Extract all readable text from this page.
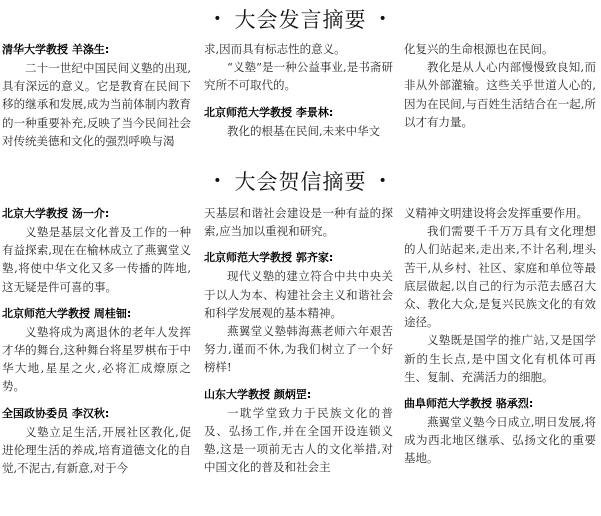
• 大会发言摘要 •
清华大学教授 羊涤生:

二十一世纪中国民间义塾的出现,具有深远的意义。它是教育在民间下移的继承和发展,成为当前体制内教育的一种重要补充,反映了当今民间社会对传统美德和文化的强烈呼唤与渴

求,因而具有标志性的意义。

“义塾”是一种公益事业,是书斋研究所不可取代的。

北京师范大学教授 李景林:

教化的根基在民间,未来中华文

化复兴的生命根源也在民间。

教化是从人心内部慢慢致良知,而非从外部灌输。这些关乎世道人心的,因为在民间,与百姓生活结合在一起,所以才有力量。

• 大会贺信摘要 •
北京大学教授 汤一介:

义塾是基层文化普及工作的一种有益探索,现在在榆林成立了燕翼堂义塾,将使中华文化又多一传播的阵地,这无疑是件可喜的事。

北京师范大学教授 周桂钿:

义塾将成为离退休的老年人发挥才华的舞台,这种舞台将星罗棋布于中华大地,星星之火,必将汇成燎原之势。

全国政协委员 李汉秋:

义塾立足生活,开展社区教化,促进伦理生活的养成,培育道德文化的自觉,不泥古,有新意,对于今

天基层和谐社会建设是一种有益的探索,应当加以重视和研究。

北京师范大学教授 郭齐家:

现代义塾的建立符合中共中央关于以人为本、构建社会主义和谐社会和科学发展观的基本精神。

燕翼堂义塾韩海燕老师六年艰苦努力,谨而不休,为我们树立了一个好榜样!

山东大学教授 颜炳罡:

一耽学堂致力于民族文化的普及、弘扬工作,并在全国开设连锁义塾,这是一项前无古人的文化举措,对中国文化的普及和社会主

义精神文明建设将会发挥重要作用。

我们需要千千万万具有文化理想的人们站起来,走出来,不计名利,埋头苦干,从乡村、社区、家庭和单位等最底层做起,以自己的行为示范去感召大众、教化大众,是复兴民族文化的有效途径。

义塾既是国学的推广站,又是国学新的生长点,是中国文化有机体可再生、复制、充满活力的细胞。

曲阜师范大学教授 骆承烈:

燕翼堂义塾今日成立,明日发展,将成为西北地区继承、弘扬文化的重要基地。
